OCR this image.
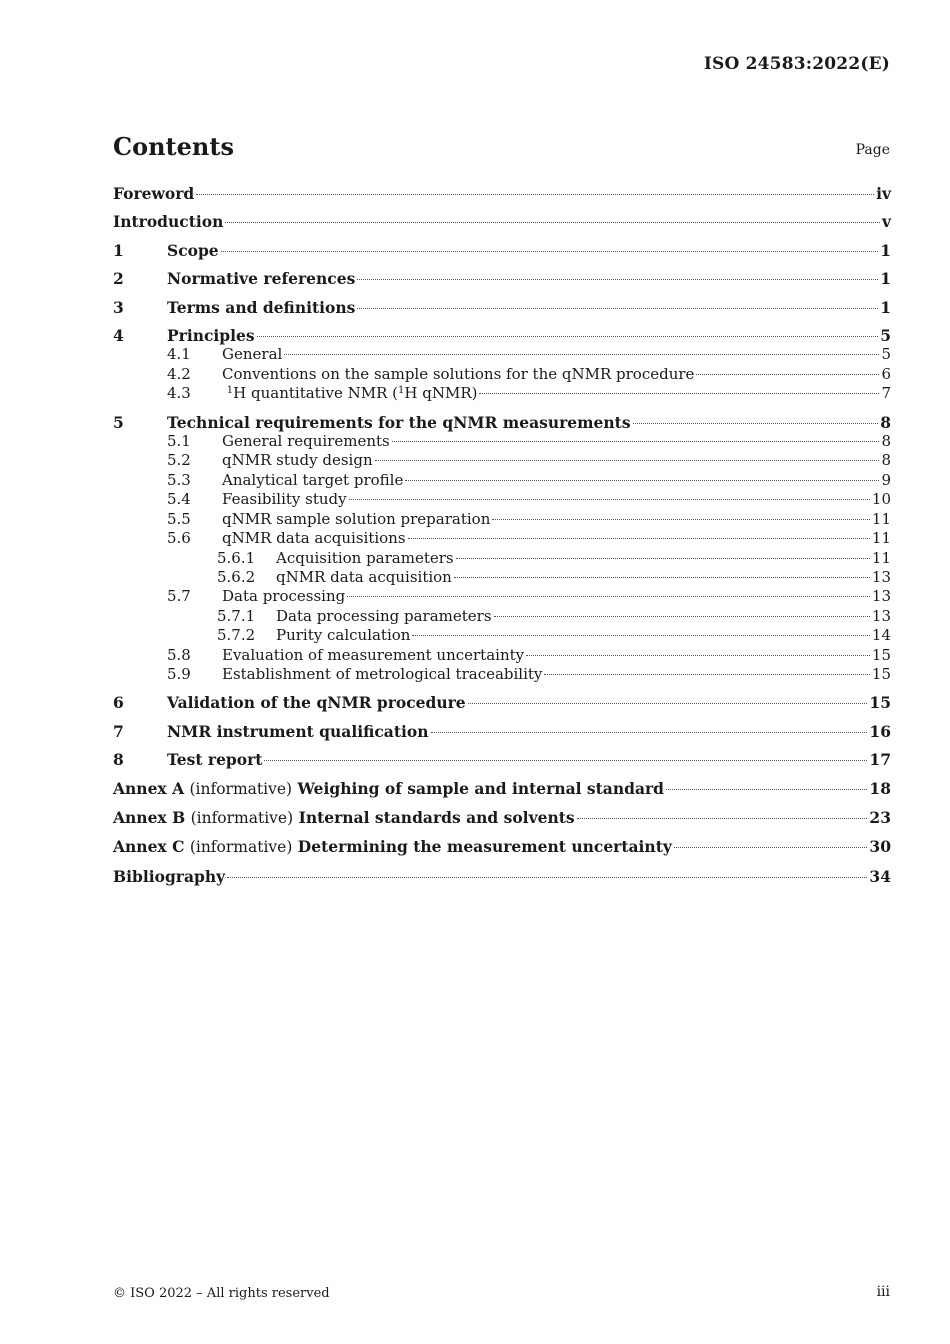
ISO 24583:2022(E)
Contents	Page
Foreword	iv
Introduction	v
1	Scope	1
2	Normative references	1
3	Terms and definitions	1
4	Principles	5
4.1	General	5
4.2	Conventions on the sample solutions for the qNMR procedure	6
4.3	$^1$H quantitative NMR ($^1$H qNMR)	7
5	Technical requirements for the qNMR measurements	8
5.1	General requirements	8
5.2	qNMR study design	8
5.3	Analytical target profile	9
5.4	Feasibility study	10
5.5	qNMR sample solution preparation	11
5.6	qNMR data acquisitions	11
5.6.1	Acquisition parameters	11
5.6.2	qNMR data acquisition	13
5.7	Data processing	13
5.7.1	Data processing parameters	13
5.7.2	Purity calculation	14
5.8	Evaluation of measurement uncertainty	15
5.9	Establishment of metrological traceability	15
6	Validation of the qNMR procedure	15
7	NMR instrument qualification	16
8	Test report	17
Annex A (informative) Weighing of sample and internal standard	18
Annex B (informative) Internal standards and solvents	23
Annex C (informative) Determining the measurement uncertainty	30
Bibliography	34
© ISO 2022 – All rights reserved	iii
